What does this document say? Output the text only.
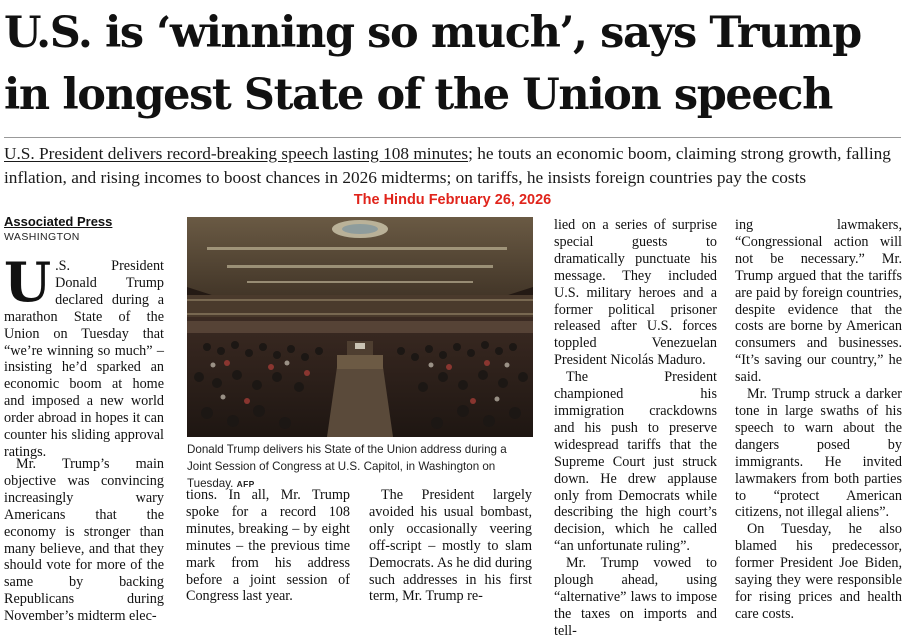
U.S. is ‘winning so much’, says Trump
in longest State of the Union speech
U.S. President delivers record-breaking speech lasting 108 minutes; he touts an economic boom, claiming strong growth, falling inflation, and rising incomes to boost chances in 2026 midterms; on tariffs, he insists foreign countries pay the costs
The Hindu February 26, 2026
Associated Press
WASHINGTON

U .S. President Donald Trump declared during a marathon State of the Union on Tuesday that “we’re winning so much” – insisting he’d sparked an economic boom at home and imposed a new world order abroad in hopes it can counter his sliding approval ratings.

Mr. Trump’s main objective was convincing increasingly wary Americans that the economy is stronger than many believe, and that they should vote for more of the same by backing Republicans during November’s midterm elec-

Donald Trump delivers his State of the Union address during a Joint Session of Congress at U.S. Capitol, in Washington on Tuesday. AFP

tions. In all, Mr. Trump spoke for a record 108 minutes, breaking – by eight minutes – the previous time mark from his address before a joint session of Congress last year.

The President largely avoided his usual bombast, only occasionally veering off-script – mostly to slam Democrats. As he did during such addresses in his first term, Mr. Trump re-

lied on a series of surprise special guests to dramatically punctuate his message. They included U.S. military heroes and a former political prisoner released after U.S. forces toppled Venezuelan President Nicolás Maduro.

The President championed his immigration crackdowns and his push to preserve widespread tariffs that the Supreme Court just struck down. He drew applause only from Democrats while describing the high court’s decision, which he called “an unfortunate ruling”.

Mr. Trump vowed to plough ahead, using “alternative” laws to impose the taxes on imports and tell-

ing lawmakers, “Congressional action will not be necessary.” Mr. Trump argued that the tariffs are paid by foreign countries, despite evidence that the costs are borne by American consumers and businesses. “It’s saving our country,” he said.

Mr. Trump struck a darker tone in large swaths of his speech to warn about the dangers posed by immigrants. He invited lawmakers from both parties to “protect American citizens, not illegal aliens”.

On Tuesday, he also blamed his predecessor, former President Joe Biden, saying they were responsible for rising prices and health care costs.
